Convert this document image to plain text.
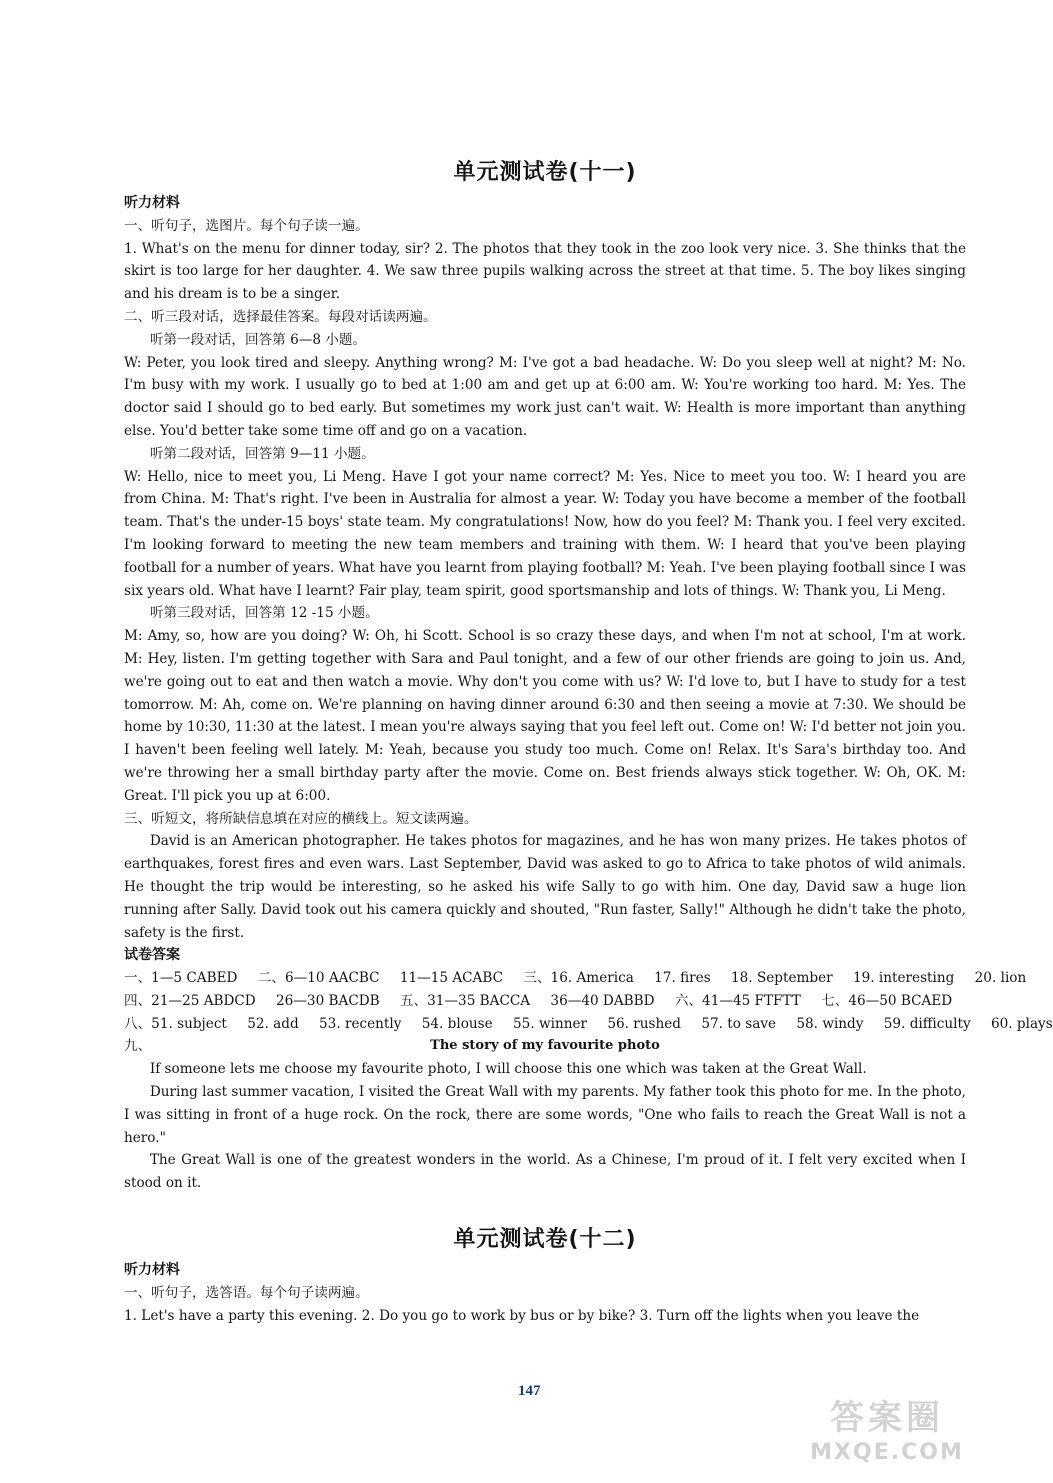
单元测试卷(十一)
听力材料

一、听句子，选图片。每个句子读一遍。

1. What's on the menu for dinner today, sir? 2. The photos that they took in the zoo look very nice. 3. She thinks that the skirt is too large for her daughter. 4. We saw three pupils walking across the street at that time. 5. The boy likes singing and his dream is to be a singer.

二、听三段对话，选择最佳答案。每段对话读两遍。

听第一段对话，回答第 6—8 小题。

W: Peter, you look tired and sleepy. Anything wrong? M: I've got a bad headache. W: Do you sleep well at night? M: No. I'm busy with my work. I usually go to bed at 1:00 am and get up at 6:00 am. W: You're working too hard. M: Yes. The doctor said I should go to bed early. But sometimes my work just can't wait. W: Health is more important than anything else. You'd better take some time off and go on a vacation.

听第二段对话，回答第 9—11 小题。

W: Hello, nice to meet you, Li Meng. Have I got your name correct? M: Yes. Nice to meet you too. W: I heard you are from China. M: That's right. I've been in Australia for almost a year. W: Today you have become a member of the football team. That's the under-15 boys' state team. My congratulations! Now, how do you feel? M: Thank you. I feel very excited. I'm looking forward to meeting the new team members and training with them. W: I heard that you've been playing football for a number of years. What have you learnt from playing football? M: Yeah. I've been playing football since I was six years old. What have I learnt? Fair play, team spirit, good sportsmanship and lots of things. W: Thank you, Li Meng.

听第三段对话，回答第 12 -15 小题。

M: Amy, so, how are you doing? W: Oh, hi Scott. School is so crazy these days, and when I'm not at school, I'm at work. M: Hey, listen. I'm getting together with Sara and Paul tonight, and a few of our other friends are going to join us. And, we're going out to eat and then watch a movie. Why don't you come with us? W: I'd love to, but I have to study for a test tomorrow. M: Ah, come on. We're planning on having dinner around 6:30 and then seeing a movie at 7:30. We should be home by 10:30, 11:30 at the latest. I mean you're always saying that you feel left out. Come on! W: I'd better not join you. I haven't been feeling well lately. M: Yeah, because you study too much. Come on! Relax. It's Sara's birthday too. And we're throwing her a small birthday party after the movie. Come on. Best friends always stick together. W: Oh, OK. M: Great. I'll pick you up at 6:00.

三、听短文，将所缺信息填在对应的横线上。短文读两遍。

David is an American photographer. He takes photos for magazines, and he has won many prizes. He takes photos of earthquakes, forest fires and even wars. Last September, David was asked to go to Africa to take photos of wild animals. He thought the trip would be interesting, so he asked his wife Sally to go with him. One day, David saw a huge lion running after Sally. David took out his camera quickly and shouted, "Run faster, Sally!" Although he didn't take the photo, safety is the first.

试卷答案

一、1—5 CABED 二、6—10 AACBC 11—15 ACABC 三、16. America 17. fires 18. September 19. interesting 20. lion

四、21—25 ABDCD 26—30 BACDB 五、31—35 BACCA 36—40 DABBD 六、41—45 FTFTT 七、46—50 BCAED

八、51. subject 52. add 53. recently 54. blouse 55. winner 56. rushed 57. to save 58. windy 59. difficulty 60. plays

九、	The story of my favourite photo

If someone lets me choose my favourite photo, I will choose this one which was taken at the Great Wall.

During last summer vacation, I visited the Great Wall with my parents. My father took this photo for me. In the photo, I was sitting in front of a huge rock. On the rock, there are some words, "One who fails to reach the Great Wall is not a hero."

The Great Wall is one of the greatest wonders in the world. As a Chinese, I'm proud of it. I felt very excited when I stood on it.

单元测试卷(十二)
听力材料

一、听句子，选答语。每个句子读两遍。

1. Let's have a party this evening. 2. Do you go to work by bus or by bike? 3. Turn off the lights when you leave the

147
答案圈
MXQE.COM
